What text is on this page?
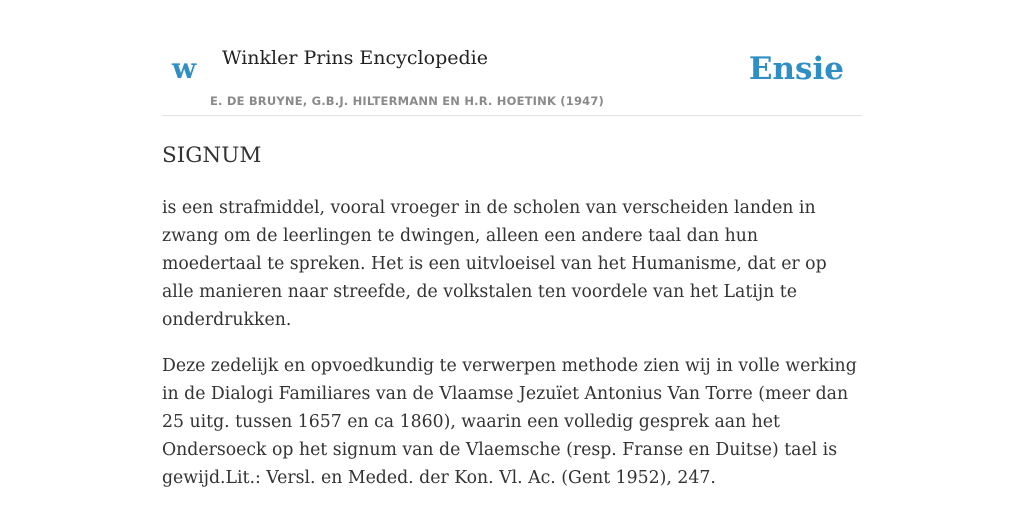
w Winkler Prins Encyclopedie
E. DE BRUYNE, G.B.J. HILTERMANN EN H.R. HOETINK (1947)
Ensie
SIGNUM

is een strafmiddel, vooral vroeger in de scholen van verscheiden landen in zwang om de leerlingen te dwingen, alleen een andere taal dan hun moedertaal te spreken. Het is een uitvloeisel van het Humanisme, dat er op alle manieren naar streefde, de volkstalen ten voordele van het Latijn te onderdrukken.

Deze zedelijk en opvoedkundig te verwerpen methode zien wij in volle werking in de Dialogi Familiares van de Vlaamse Jezuïet Antonius Van Torre (meer dan 25 uitg. tussen 1657 en ca 1860), waarin een volledig gesprek aan het Ondersoeck op het signum van de Vlaemsche (resp. Franse en Duitse) tael is gewijd.Lit.: Versl. en Meded. der Kon. Vl. Ac. (Gent 1952), 247.
